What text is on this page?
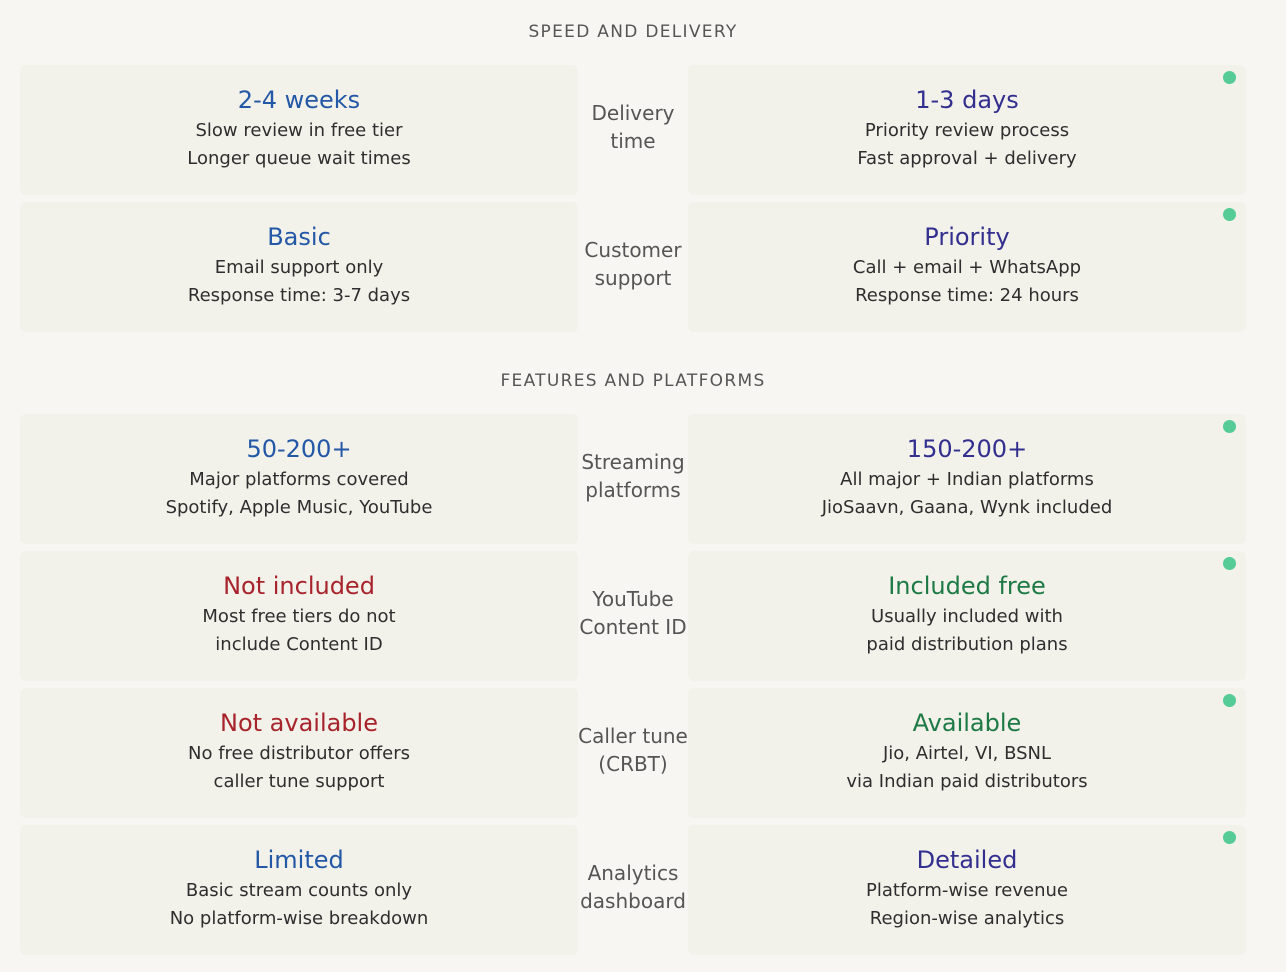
SPEED AND DELIVERY
FEATURES AND PLATFORMS
2-4 weeks
Slow review in free tier
Longer queue wait times
Delivery time
1-3 days
Priority review process
Fast approval + delivery
Basic
Email support only
Response time: 3-7 days
Customer support
Priority
Call + email + WhatsApp
Response time: 24 hours
50-200+
Major platforms covered
Spotify, Apple Music, YouTube
Streaming platforms
150-200+
All major + Indian platforms
JioSaavn, Gaana, Wynk included
Not included
Most free tiers do not
include Content ID
YouTube Content ID
Included free
Usually included with
paid distribution plans
Not available
No free distributor offers
caller tune support
Caller tune (CRBT)
Available
Jio, Airtel, VI, BSNL
via Indian paid distributors
Limited
Basic stream counts only
No platform-wise breakdown
Analytics dashboard
Detailed
Platform-wise revenue
Region-wise analytics
